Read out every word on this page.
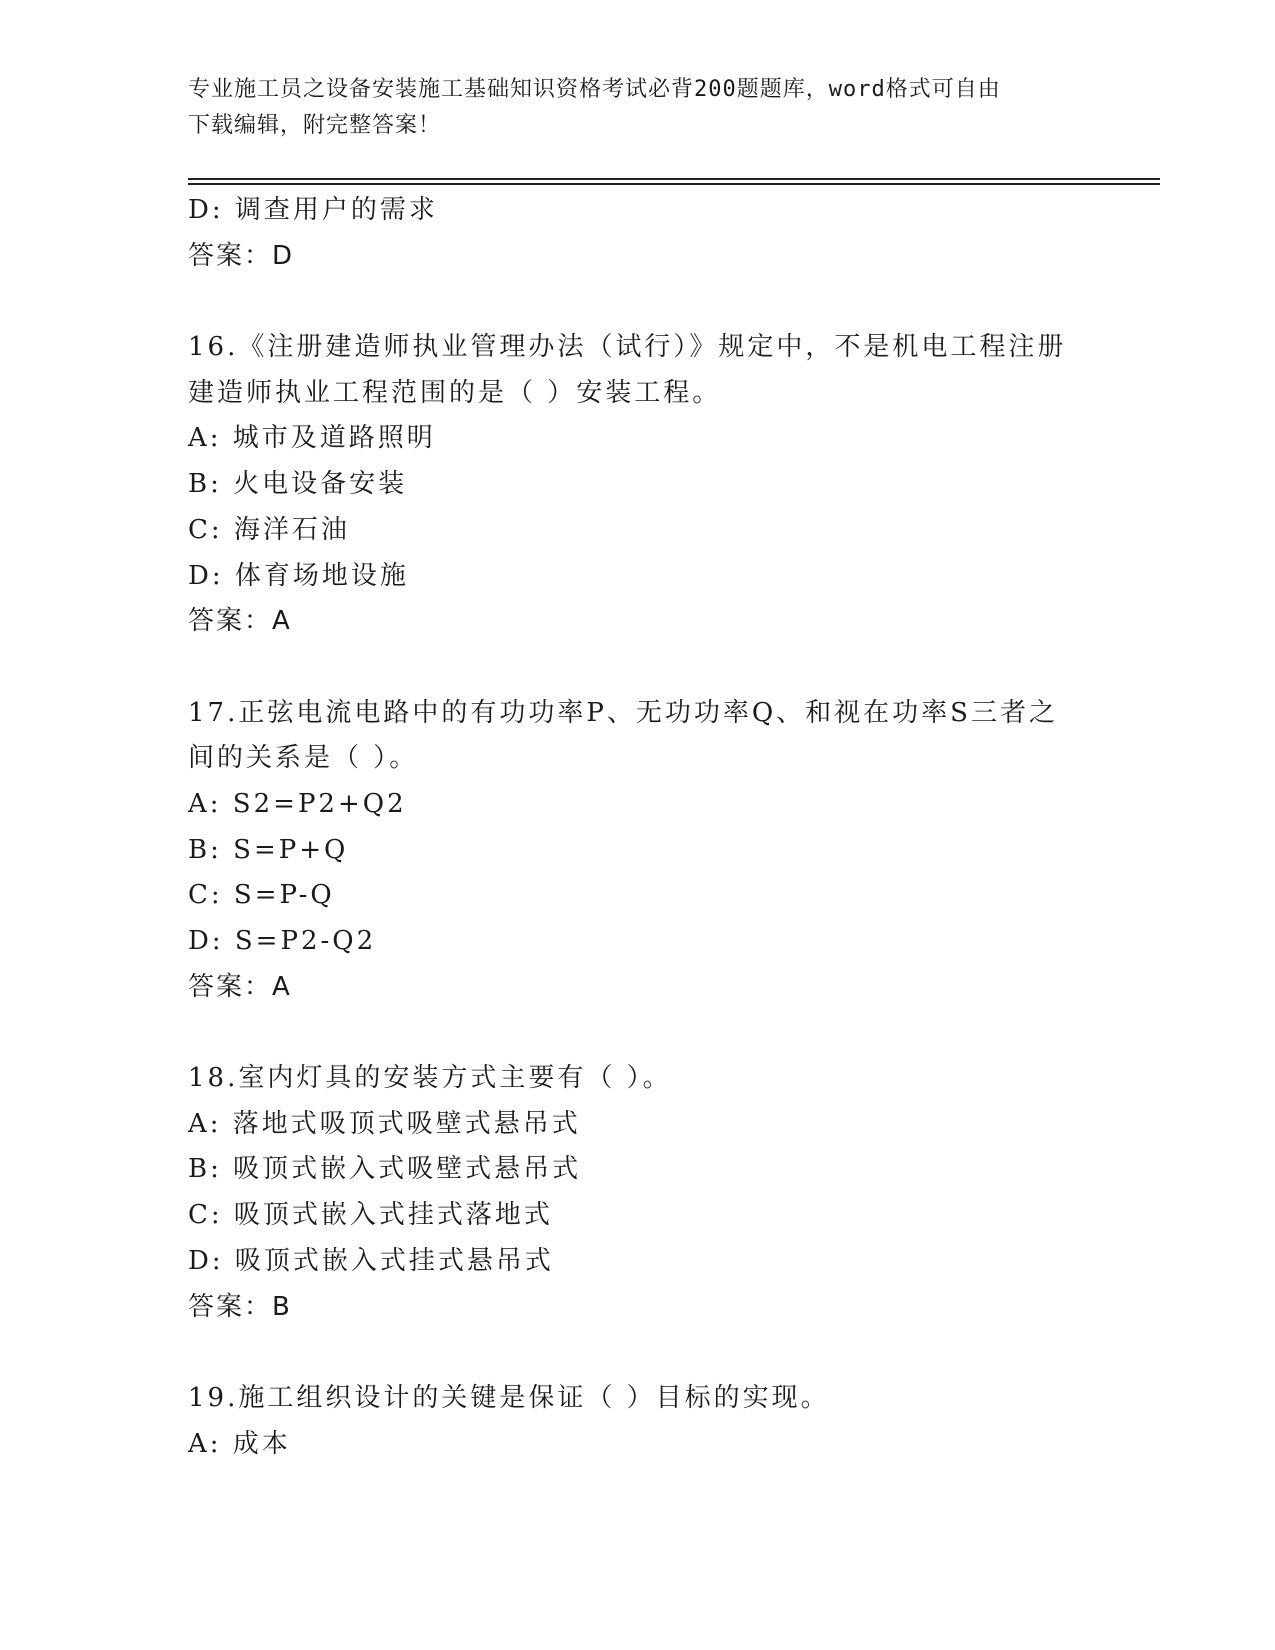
专业施工员之设备安装施工基础知识资格考试必背200题题库，word格式可自由
下载编辑，附完整答案！
D: 调查用户的需求
答案：D
16.《注册建造师执业管理办法（试行）》规定中，不是机电工程注册
建造师执业工程范围的是（ ）安装工程。
A: 城市及道路照明
B: 火电设备安装
C: 海洋石油
D: 体育场地设施
答案：A
17.正弦电流电路中的有功功率P、无功功率Q、和视在功率S三者之
间的关系是（ ）。
A: S2=P2+Q2
B: S=P+Q
C: S=P-Q
D: S=P2-Q2
答案：A
18.室内灯具的安装方式主要有（ ）。
A: 落地式吸顶式吸壁式悬吊式
B: 吸顶式嵌入式吸壁式悬吊式
C: 吸顶式嵌入式挂式落地式
D: 吸顶式嵌入式挂式悬吊式
答案：B
19.施工组织设计的关键是保证（ ）目标的实现。
A: 成本
